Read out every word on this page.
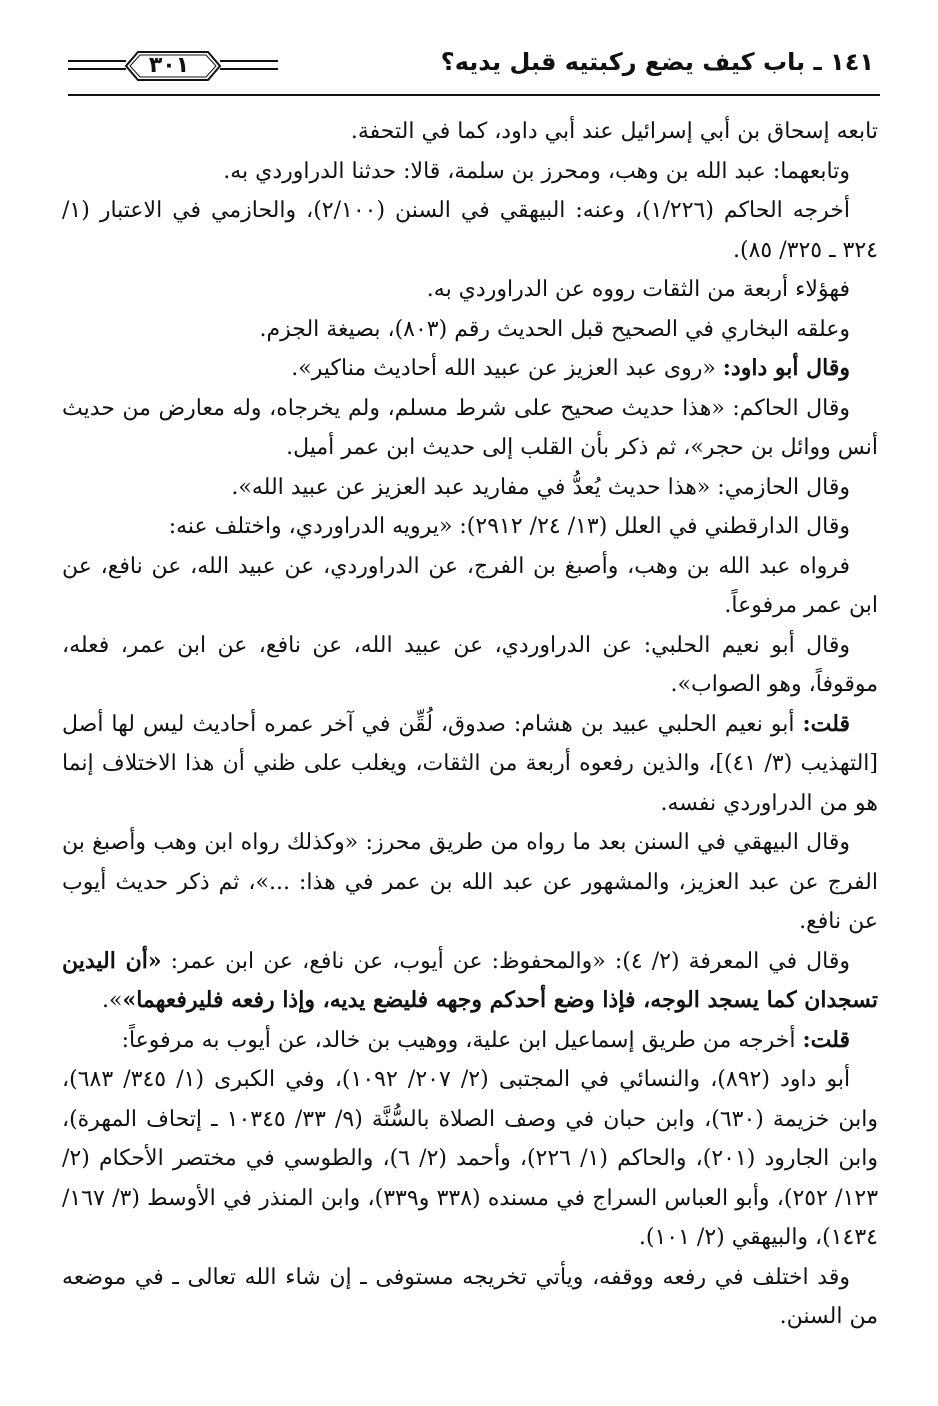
١٤١ ـ باب كيف يضع ركبتيه قبل يديه؟
٣٠١

تابعه إسحاق بن أبي إسرائيل عند أبي داود، كما في التحفة.

وتابعهما: عبد الله بن وهب، ومحرز بن سلمة، قالا: حدثنا الدراوردي به.

أخرجه الحاكم (١/٢٢٦)، وعنه: البيهقي في السنن (٢/١٠٠)، والحازمي في الاعتبار (١/ ٣٢٤ ـ ٣٢٥/ ٨٥).

فهؤلاء أربعة من الثقات رووه عن الدراوردي به.

وعلقه البخاري في الصحيح قبل الحديث رقم (٨٠٣)، بصيغة الجزم.

وقال أبو داود: «روى عبد العزيز عن عبيد الله أحاديث مناكير».

وقال الحاكم: «هذا حديث صحيح على شرط مسلم، ولم يخرجاه، وله معارض من حديث أنس ووائل بن حجر»، ثم ذكر بأن القلب إلى حديث ابن عمر أميل.

وقال الحازمي: «هذا حديث يُعدُّ في مفاريد عبد العزيز عن عبيد الله».

وقال الدارقطني في العلل (١٣/ ٢٤/ ٢٩١٢): «يرويه الدراوردي، واختلف عنه:

فرواه عبد الله بن وهب، وأصبغ بن الفرج، عن الدراوردي، عن عبيد الله، عن نافع، عن ابن عمر مرفوعاً.

وقال أبو نعيم الحلبي: عن الدراوردي، عن عبيد الله، عن نافع، عن ابن عمر، فعله، موقوفاً، وهو الصواب».

قلت: أبو نعيم الحلبي عبيد بن هشام: صدوق، لُقِّن في آخر عمره أحاديث ليس لها أصل [التهذيب (٣/ ٤١)]، والذين رفعوه أربعة من الثقات، ويغلب على ظني أن هذا الاختلاف إنما هو من الدراوردي نفسه.

وقال البيهقي في السنن بعد ما رواه من طريق محرز: «وكذلك رواه ابن وهب وأصبغ بن الفرج عن عبد العزيز، والمشهور عن عبد الله بن عمر في هذا: ...»، ثم ذكر حديث أيوب عن نافع.

وقال في المعرفة (٢/ ٤): «والمحفوظ: عن أيوب، عن نافع، عن ابن عمر: «أن اليدين تسجدان كما يسجد الوجه، فإذا وضع أحدكم وجهه فليضع يديه، وإذا رفعه فليرفعهما»».

قلت: أخرجه من طريق إسماعيل ابن علية، ووهيب بن خالد، عن أيوب به مرفوعاً:

أبو داود (٨٩٢)، والنسائي في المجتبى (٢/ ٢٠٧/ ١٠٩٢)، وفي الكبرى (١/ ٣٤٥/ ٦٨٣)، وابن خزيمة (٦٣٠)، وابن حبان في وصف الصلاة بالسُّنَّة (٩/ ٣٣/ ١٠٣٤٥ ـ إتحاف المهرة)، وابن الجارود (٢٠١)، والحاكم (١/ ٢٢٦)، وأحمد (٢/ ٦)، والطوسي في مختصر الأحكام (٢/ ١٢٣/ ٢٥٢)، وأبو العباس السراج في مسنده (٣٣٨ و٣٣٩)، وابن المنذر في الأوسط (٣/ ١٦٧/ ١٤٣٤)، والبيهقي (٢/ ١٠١).

وقد اختلف في رفعه ووقفه، ويأتي تخريجه مستوفى ـ إن شاء الله تعالى ـ في موضعه من السنن.
